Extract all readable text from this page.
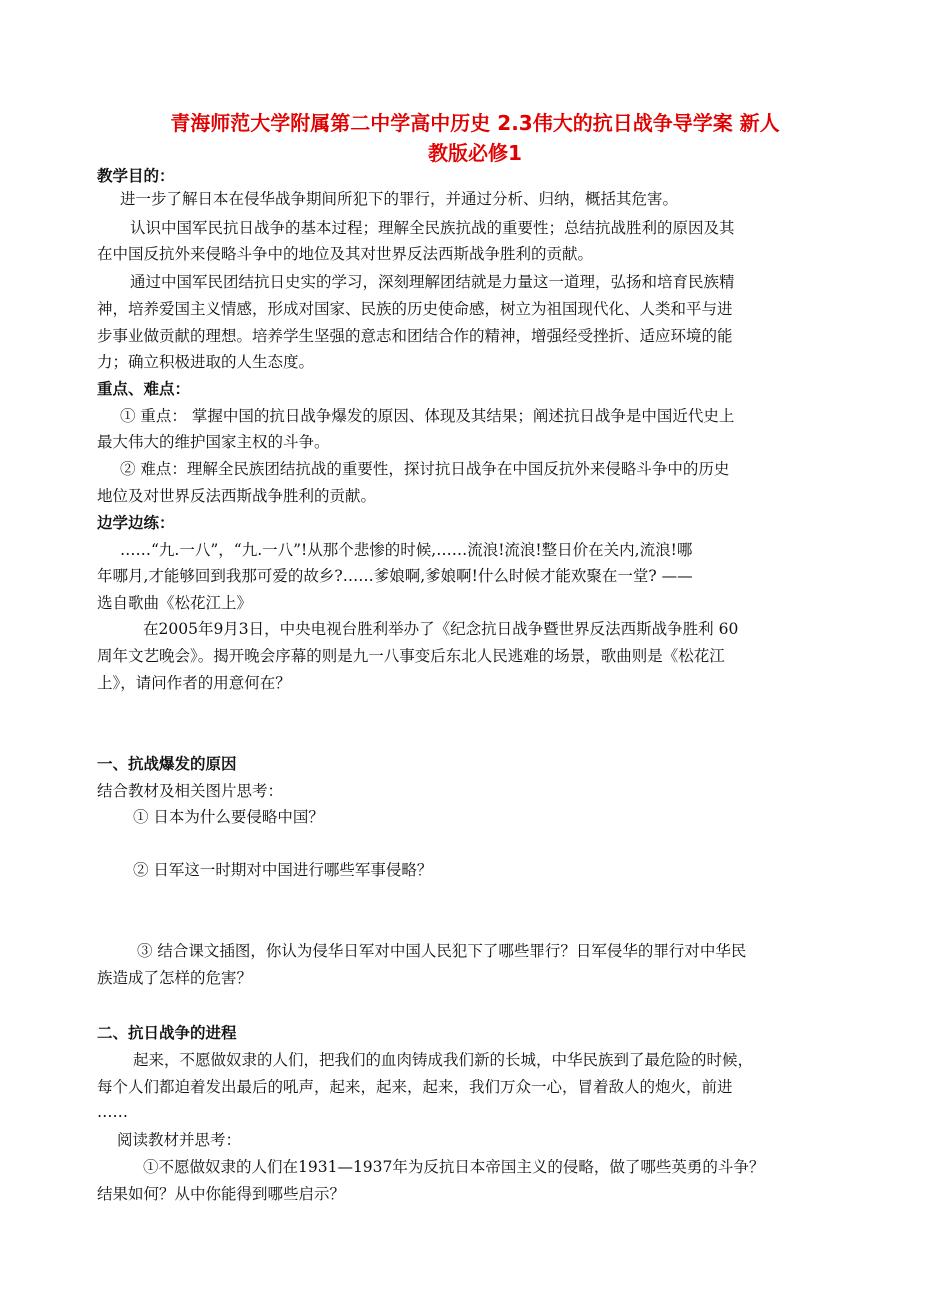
青海师范大学附属第二中学高中历史 2.3伟大的抗日战争导学案 新人
教版必修1
教学目的：
进一步了解日本在侵华战争期间所犯下的罪行，并通过分析、归纳，概括其危害。
认识中国军民抗日战争的基本过程；理解全民族抗战的重要性；总结抗战胜利的原因及其
在中国反抗外来侵略斗争中的地位及其对世界反法西斯战争胜利的贡献。
通过中国军民团结抗日史实的学习，深刻理解团结就是力量这一道理，弘扬和培育民族精
神，培养爱国主义情感，形成对国家、民族的历史使命感，树立为祖国现代化、人类和平与进
步事业做贡献的理想。培养学生坚强的意志和团结合作的精神，增强经受挫折、适应环境的能
力；确立积极进取的人生态度。
重点、难点：
① 重点： 掌握中国的抗日战争爆发的原因、体现及其结果；阐述抗日战争是中国近代史上
最大伟大的维护国家主权的斗争。
② 难点：理解全民族团结抗战的重要性，探讨抗日战争在中国反抗外来侵略斗争中的历史
地位及对世界反法西斯战争胜利的贡献。
边学边练：
……“九.一八”，“九.一八”!从那个悲惨的时候,……流浪!流浪!整日价在关内,流浪!哪
年哪月,才能够回到我那可爱的故乡?……爹娘啊,爹娘啊!什么时候才能欢聚在一堂? ——
选自歌曲《松花江上》
在2005年9月3日，中央电视台胜利举办了《纪念抗日战争暨世界反法西斯战争胜利 60
周年文艺晚会》。揭开晚会序幕的则是九一八事变后东北人民逃难的场景，歌曲则是《松花江
上》，请问作者的用意何在？
一、抗战爆发的原因
结合教材及相关图片思考：
① 日本为什么要侵略中国？
② 日军这一时期对中国进行哪些军事侵略？
③ 结合课文插图，你认为侵华日军对中国人民犯下了哪些罪行？日军侵华的罪行对中华民
族造成了怎样的危害？
二、抗日战争的进程
起来，不愿做奴隶的人们，把我们的血肉铸成我们新的长城，中华民族到了最危险的时候，
每个人们都迫着发出最后的吼声，起来，起来，起来，我们万众一心，冒着敌人的炮火，前进
……
阅读教材并思考：
①不愿做奴隶的人们在1931—1937年为反抗日本帝国主义的侵略，做了哪些英勇的斗争？
结果如何？从中你能得到哪些启示？
